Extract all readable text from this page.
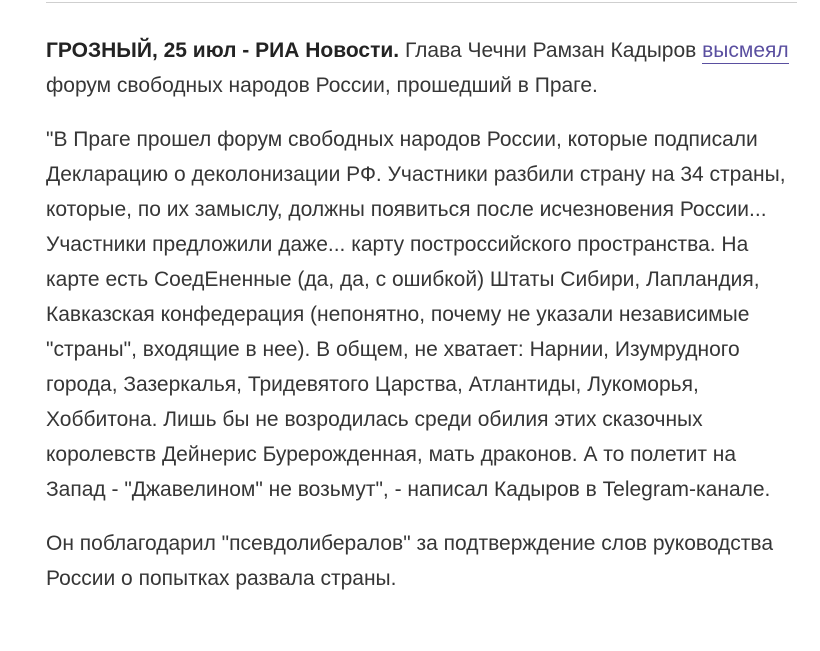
ГРОЗНЫЙ, 25 июл - РИА Новости. Глава Чечни Рамзан Кадыров высмеял форум свободных народов России, прошедший в Праге.

"В Праге прошел форум свободных народов России, которые подписали Декларацию о деколонизации РФ. Участники разбили страну на 34 страны, которые, по их замыслу, должны появиться после исчезновения России... Участники предложили даже... карту построссийского пространства. На карте есть СоедЕненные (да, да, с ошибкой) Штаты Сибири, Лапландия, Кавказская конфедерация (непонятно, почему не указали независимые "страны", входящие в нее). В общем, не хватает: Нарнии, Изумрудного города, Зазеркалья, Тридевятого Царства, Атлантиды, Лукоморья, Хоббитона. Лишь бы не возродилась среди обилия этих сказочных королевств Дейнерис Бурерожденная, мать драконов. А то полетит на Запад - "Джавелином" не возьмут", - написал Кадыров в Telegram-канале.

Он поблагодарил "псевдолибералов" за подтверждение слов руководства России о попытках развала страны.
